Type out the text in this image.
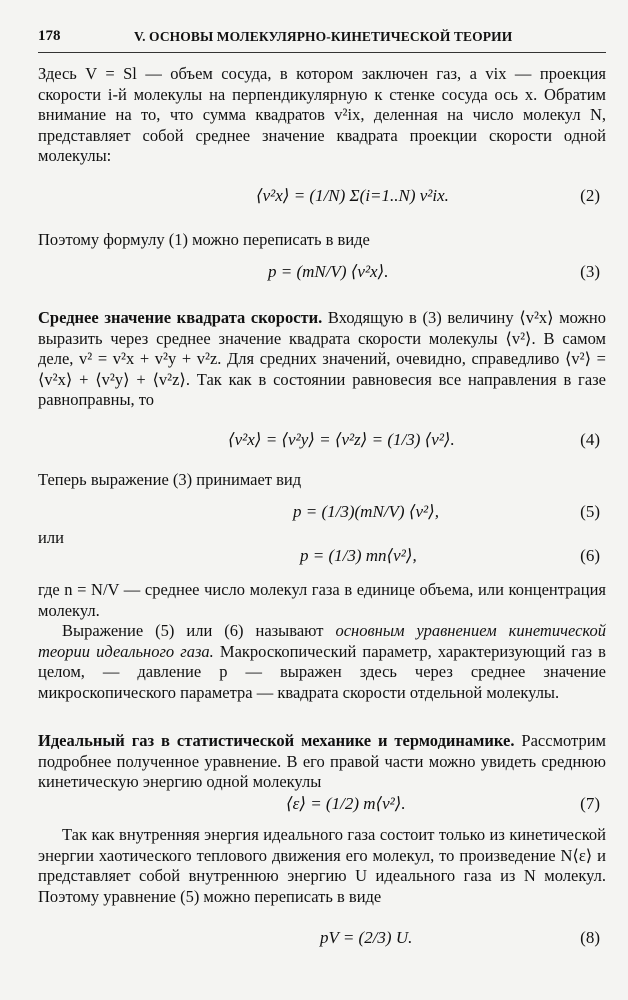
178	V. ОСНОВЫ МОЛЕКУЛЯРНО-КИНЕТИЧЕСКОЙ ТЕОРИИ

Здесь V = Sl — объем сосуда, в котором заключен газ, а vix — проекция скорости i-й молекулы на перпендикулярную к стенке сосуда ось x. Обратим внимание на то, что сумма квадратов v²ix, деленная на число молекул N, представляет собой среднее значение квадрата проекции скорости одной молекулы:

⟨v²x⟩ = (1/N) Σ(i=1..N) v²ix.	(2)

Поэтому формулу (1) можно переписать в виде

p = (mN/V) ⟨v²x⟩.	(3)

Среднее значение квадрата скорости. Входящую в (3) величину ⟨v²x⟩ можно выразить через среднее значение квадрата скорости молекулы ⟨v²⟩. В самом деле, v² = v²x + v²y + v²z. Для средних значений, очевидно, справедливо ⟨v²⟩ = ⟨v²x⟩ + ⟨v²y⟩ + ⟨v²z⟩. Так как в состоянии равновесия все направления в газе равноправны, то

⟨v²x⟩ = ⟨v²y⟩ = ⟨v²z⟩ = (1/3) ⟨v²⟩.	(4)

Теперь выражение (3) принимает вид

p = (1/3)(mN/V) ⟨v²⟩,	(5)

или

p = (1/3) mn⟨v²⟩,	(6)

где n = N/V — среднее число молекул газа в единице объема, или концентрация молекул.

Выражение (5) или (6) называют основным уравнением кинетической теории идеального газа. Макроскопический параметр, характеризующий газ в целом, — давление p — выражен здесь через среднее значение микроскопического параметра — квадрата скорости отдельной молекулы.

Идеальный газ в статистической механике и термодинамике. Рассмотрим подробнее полученное уравнение. В его правой части можно увидеть среднюю кинетическую энергию одной молекулы

⟨ε⟩ = (1/2) m⟨v²⟩.	(7)

Так как внутренняя энергия идеального газа состоит только из кинетической энергии хаотического теплового движения его молекул, то произведение N⟨ε⟩ и представляет собой внутреннюю энергию U идеального газа из N молекул. Поэтому уравнение (5) можно переписать в виде

pV = (2/3) U.	(8)
